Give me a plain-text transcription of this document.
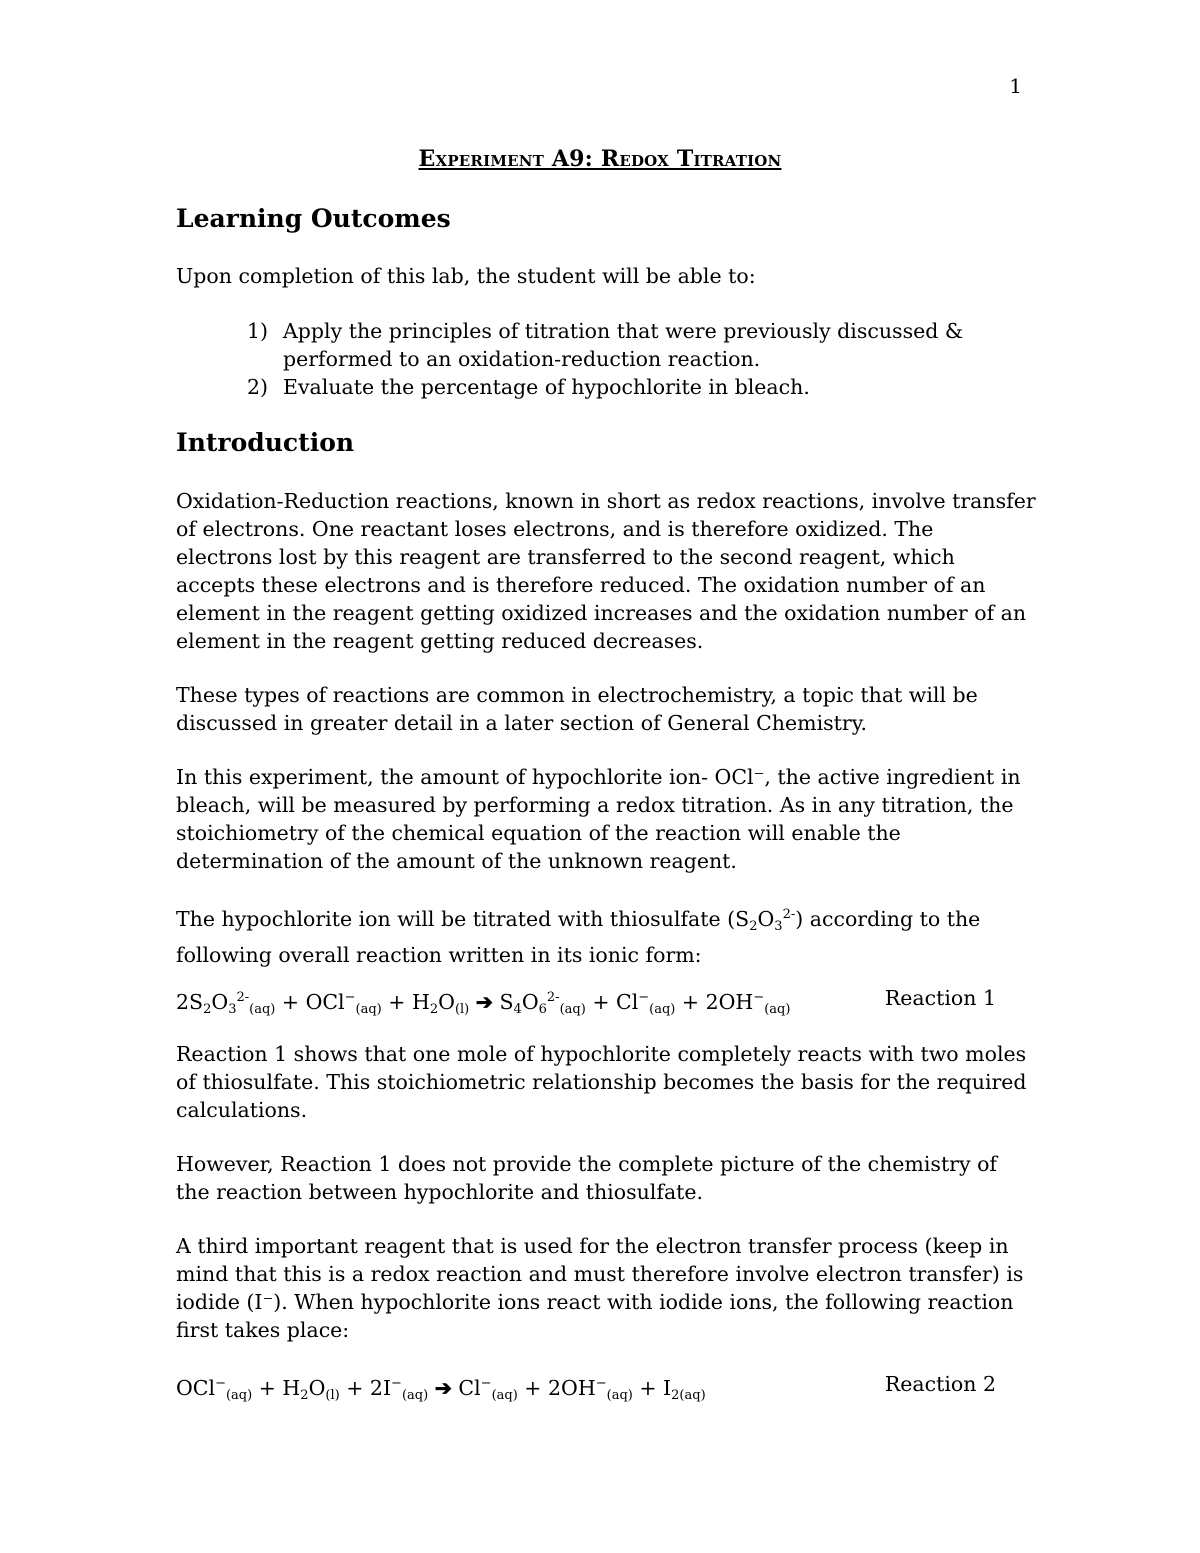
1
Experiment A9: Redox Titration
Learning Outcomes
Upon completion of this lab, the student will be able to:
1) Apply the principles of titration that were previously discussed & performed to an oxidation-reduction reaction.
2) Evaluate the percentage of hypochlorite in bleach.
Introduction
Oxidation-Reduction reactions, known in short as redox reactions, involve transfer of electrons. One reactant loses electrons, and is therefore oxidized. The electrons lost by this reagent are transferred to the second reagent, which accepts these electrons and is therefore reduced. The oxidation number of an element in the reagent getting oxidized increases and the oxidation number of an element in the reagent getting reduced decreases.
These types of reactions are common in electrochemistry, a topic that will be discussed in greater detail in a later section of General Chemistry.
In this experiment, the amount of hypochlorite ion- OCl⁻, the active ingredient in bleach, will be measured by performing a redox titration. As in any titration, the stoichiometry of the chemical equation of the reaction will enable the determination of the amount of the unknown reagent.
The hypochlorite ion will be titrated with thiosulfate $(S_2O_3^{2-})$ according to the following overall reaction written in its ionic form:
$2S_2O_3^{2-}_{(aq)} + OCl^-_{(aq)} + H_2O_{(l)}$ ➔ $S_4O_6^{2-}_{(aq)} + Cl^-_{(aq)} + 2OH^-_{(aq)}$	Reaction 1
Reaction 1 shows that one mole of hypochlorite completely reacts with two moles of thiosulfate. This stoichiometric relationship becomes the basis for the required calculations.
However, Reaction 1 does not provide the complete picture of the chemistry of the reaction between hypochlorite and thiosulfate.
A third important reagent that is used for the electron transfer process (keep in mind that this is a redox reaction and must therefore involve electron transfer) is iodide (I⁻). When hypochlorite ions react with iodide ions, the following reaction first takes place:
$OCl^-_{(aq)} + H_2O_{(l)} + 2I^-_{(aq)}$ ➔ $Cl^-_{(aq)} + 2OH^-_{(aq)} + I_{2(aq)}$	Reaction 2
